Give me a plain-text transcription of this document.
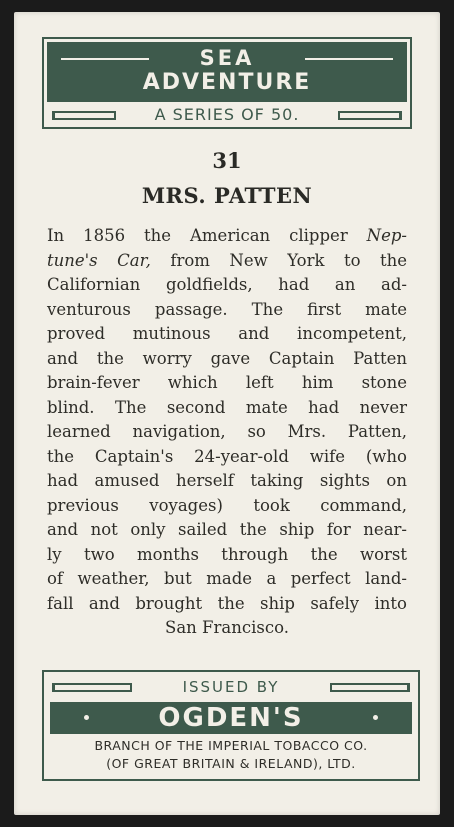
SEA
ADVENTURE
A SERIES OF 50.
31
MRS. PATTEN
In 1856 the American clipper Nep-
tune's Car, from New York to the
Californian goldfields, had an ad-
venturous passage. The first mate
proved mutinous and incompetent,
and the worry gave Captain Patten
brain-fever which left him stone
blind. The second mate had never
learned navigation, so Mrs. Patten,
the Captain's 24-year-old wife (who
had amused herself taking sights on
previous voyages) took command,
and not only sailed the ship for near-
ly two months through the worst
of weather, but made a perfect land-
fall and brought the ship safely into
San Francisco.
ISSUED BY
OGDEN'S
BRANCH OF THE IMPERIAL TOBACCO CO.
(OF GREAT BRITAIN & IRELAND), LTD.
